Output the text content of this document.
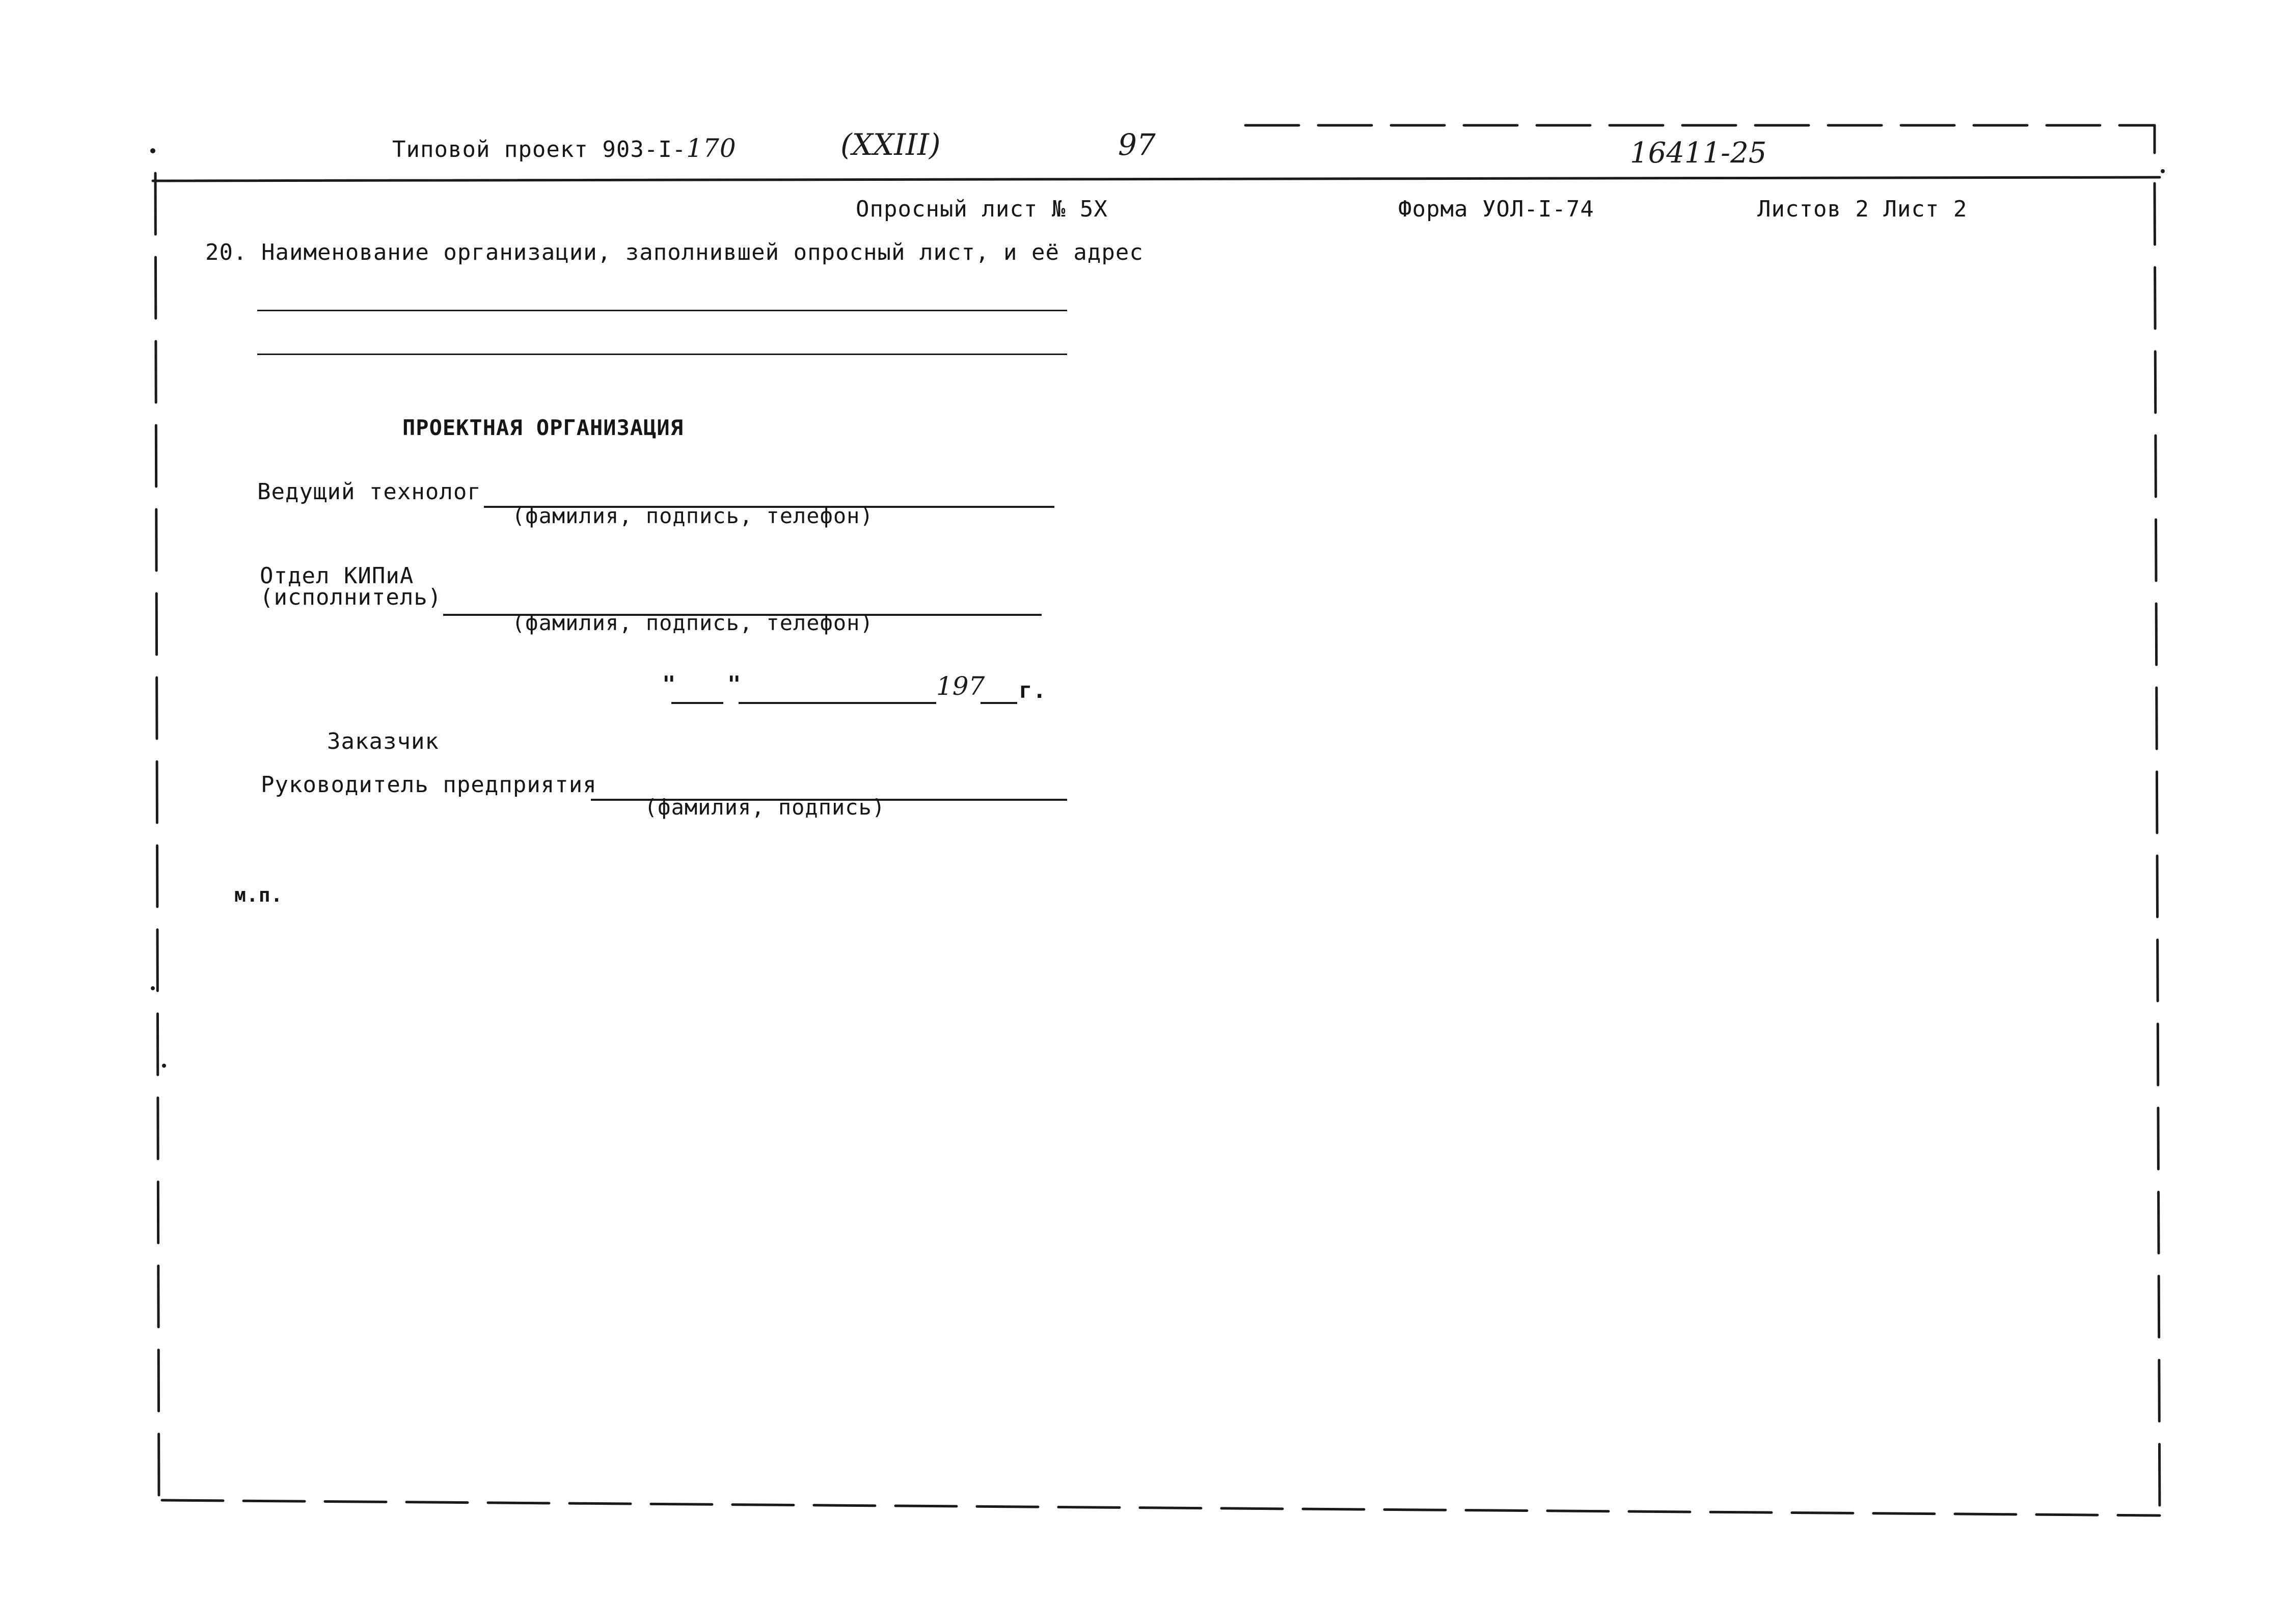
Типовой проект 903-I-170	(XXIII)	97	16411-25
Опросный лист № 5Х	Форма УОЛ-I-74	Листов 2 Лист 2
20. Наименование организации, заполнившей опросный лист, и её адрес
ПРОЕКТНАЯ ОРГАНИЗАЦИЯ
Ведущий технолог
(фамилия, подпись, телефон)
Отдел КИПиА
(исполнитель)
(фамилия, подпись, телефон)
" "	197 г.
Заказчик
Руководитель предприятия
(фамилия, подпись)
м.п.
